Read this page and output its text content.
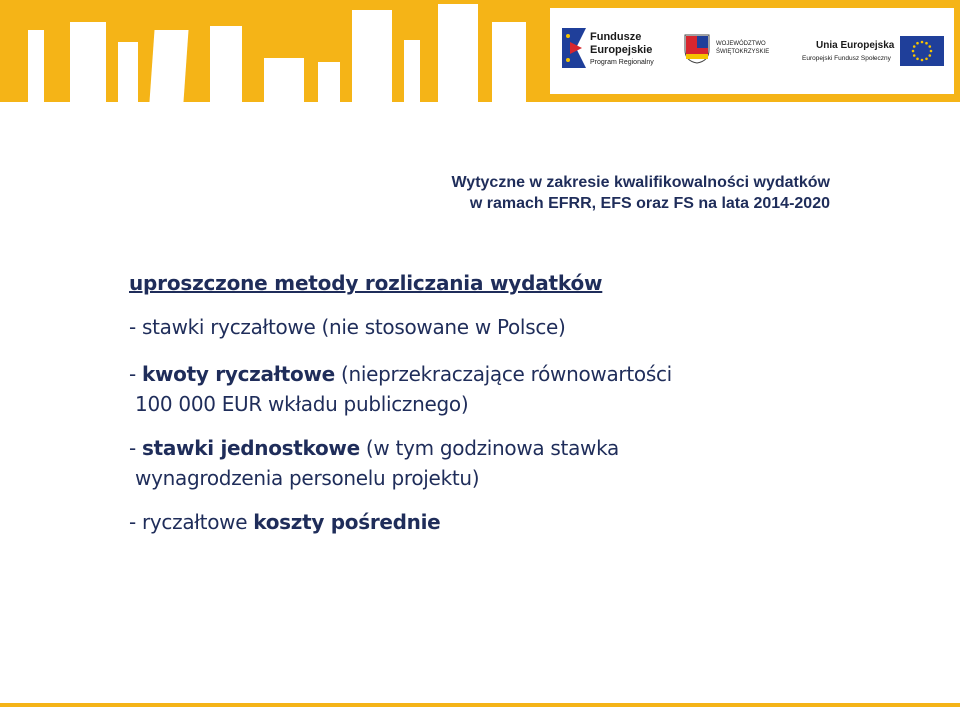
Fundusze
Europejskie
Program Regionalny
WOJEWÓDZTWO
ŚWIĘTOKRZYSKIE
Unia Europejska
Europejski Fundusz Społeczny
Wytyczne w zakresie kwalifikowalności wydatków
w ramach EFRR, EFS oraz FS na lata 2014-2020

uproszczone metody rozliczania wydatków

- stawki ryczałtowe (nie stosowane w Polsce)

- kwoty ryczałtowe (nieprzekraczające równowartości

100 000 EUR wkładu publicznego)

- stawki jednostkowe (w tym godzinowa stawka

wynagrodzenia personelu projektu)

- ryczałtowe koszty pośrednie
